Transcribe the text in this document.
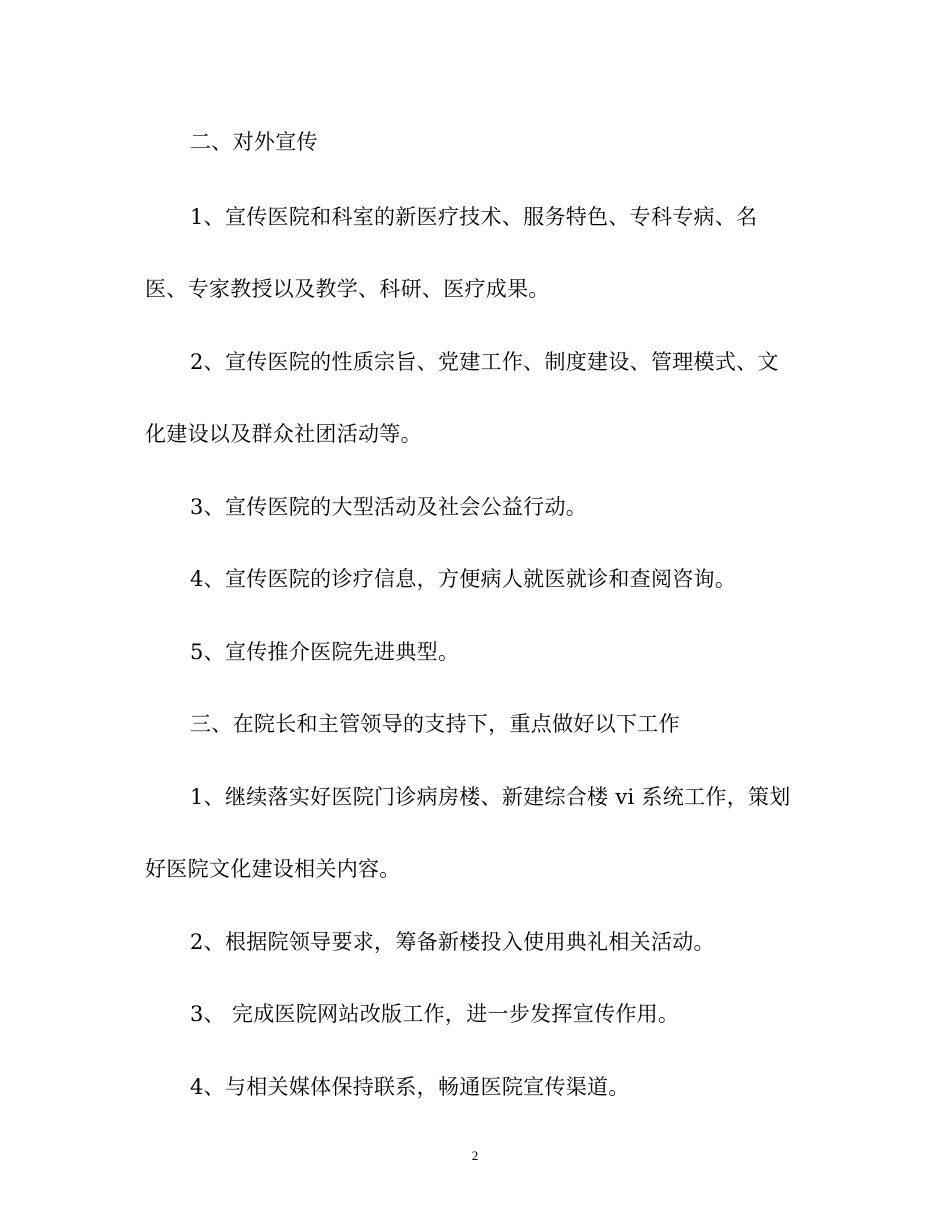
二、对外宣传
1、宣传医院和科室的新医疗技术、服务特色、专科专病、名
医、专家教授以及教学、科研、医疗成果。
2、宣传医院的性质宗旨、党建工作、制度建设、管理模式、文
化建设以及群众社团活动等。
3、宣传医院的大型活动及社会公益行动。
4、宣传医院的诊疗信息，方便病人就医就诊和查阅咨询。
5、宣传推介医院先进典型。
三、在院长和主管领导的支持下，重点做好以下工作
1、继续落实好医院门诊病房楼、新建综合楼 vi 系统工作，策划
好医院文化建设相关内容。
2、根据院领导要求，筹备新楼投入使用典礼相关活动。
3、 完成医院网站改版工作，进一步发挥宣传作用。
4、与相关媒体保持联系，畅通医院宣传渠道。
2
